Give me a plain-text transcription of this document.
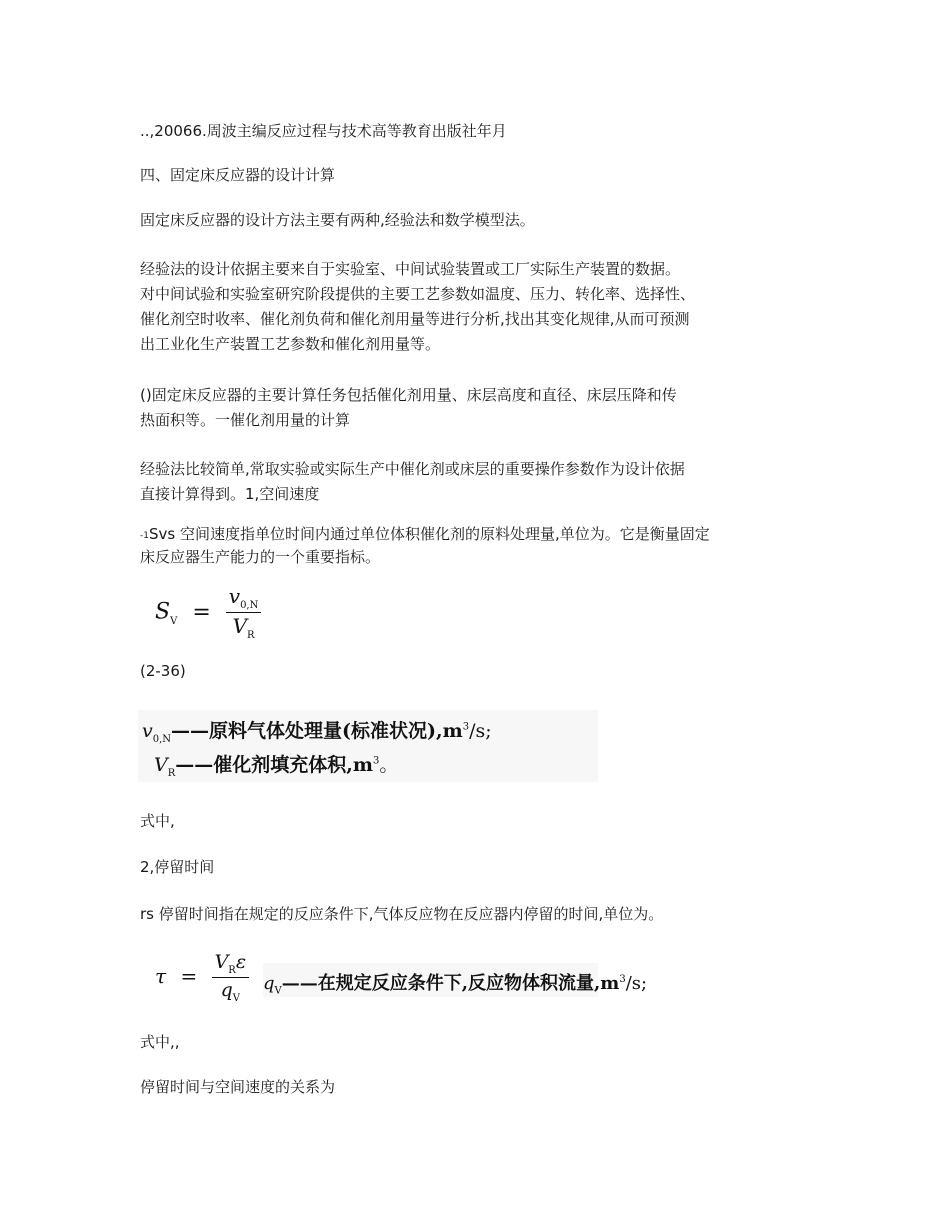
..,20066.周波主编反应过程与技术高等教育出版社年月

四、固定床反应器的设计计算

固定床反应器的设计方法主要有两种,经验法和数学模型法。

经验法的设计依据主要来自于实验室、中间试验装置或工厂实际生产装置的数据。

对中间试验和实验室研究阶段提供的主要工艺参数如温度、压力、转化率、选择性、

催化剂空时收率、催化剂负荷和催化剂用量等进行分析,找出其变化规律,从而可预测

出工业化生产装置工艺参数和催化剂用量等。

()固定床反应器的主要计算任务包括催化剂用量、床层高度和直径、床层压降和传

热面积等。一催化剂用量的计算

经验法比较简单,常取实验或实际生产中催化剂或床层的重要操作参数作为设计依据

直接计算得到。1,空间速度

-1Svs 空间速度指单位时间内通过单位体积催化剂的原料处理量,单位为。它是衡量固定

床反应器生产能力的一个重要指标。

$S_V = \frac{v_{0,N}}{V_R}$

(2-36)

$v_{0,N}——$原料气体处理量(标准状况)$,m^3/s$;
$V_R——$催化剂填充体积$,m^3$。

式中,

2,停留时间

rs 停留时间指在规定的反应条件下,气体反应物在反应器内停留的时间,单位为。

$\tau = \frac{V_R\varepsilon}{q_V}$ $q_V——$在规定反应条件下,反应物体积流量$,m^3/s$;

式中,,

停留时间与空间速度的关系为
